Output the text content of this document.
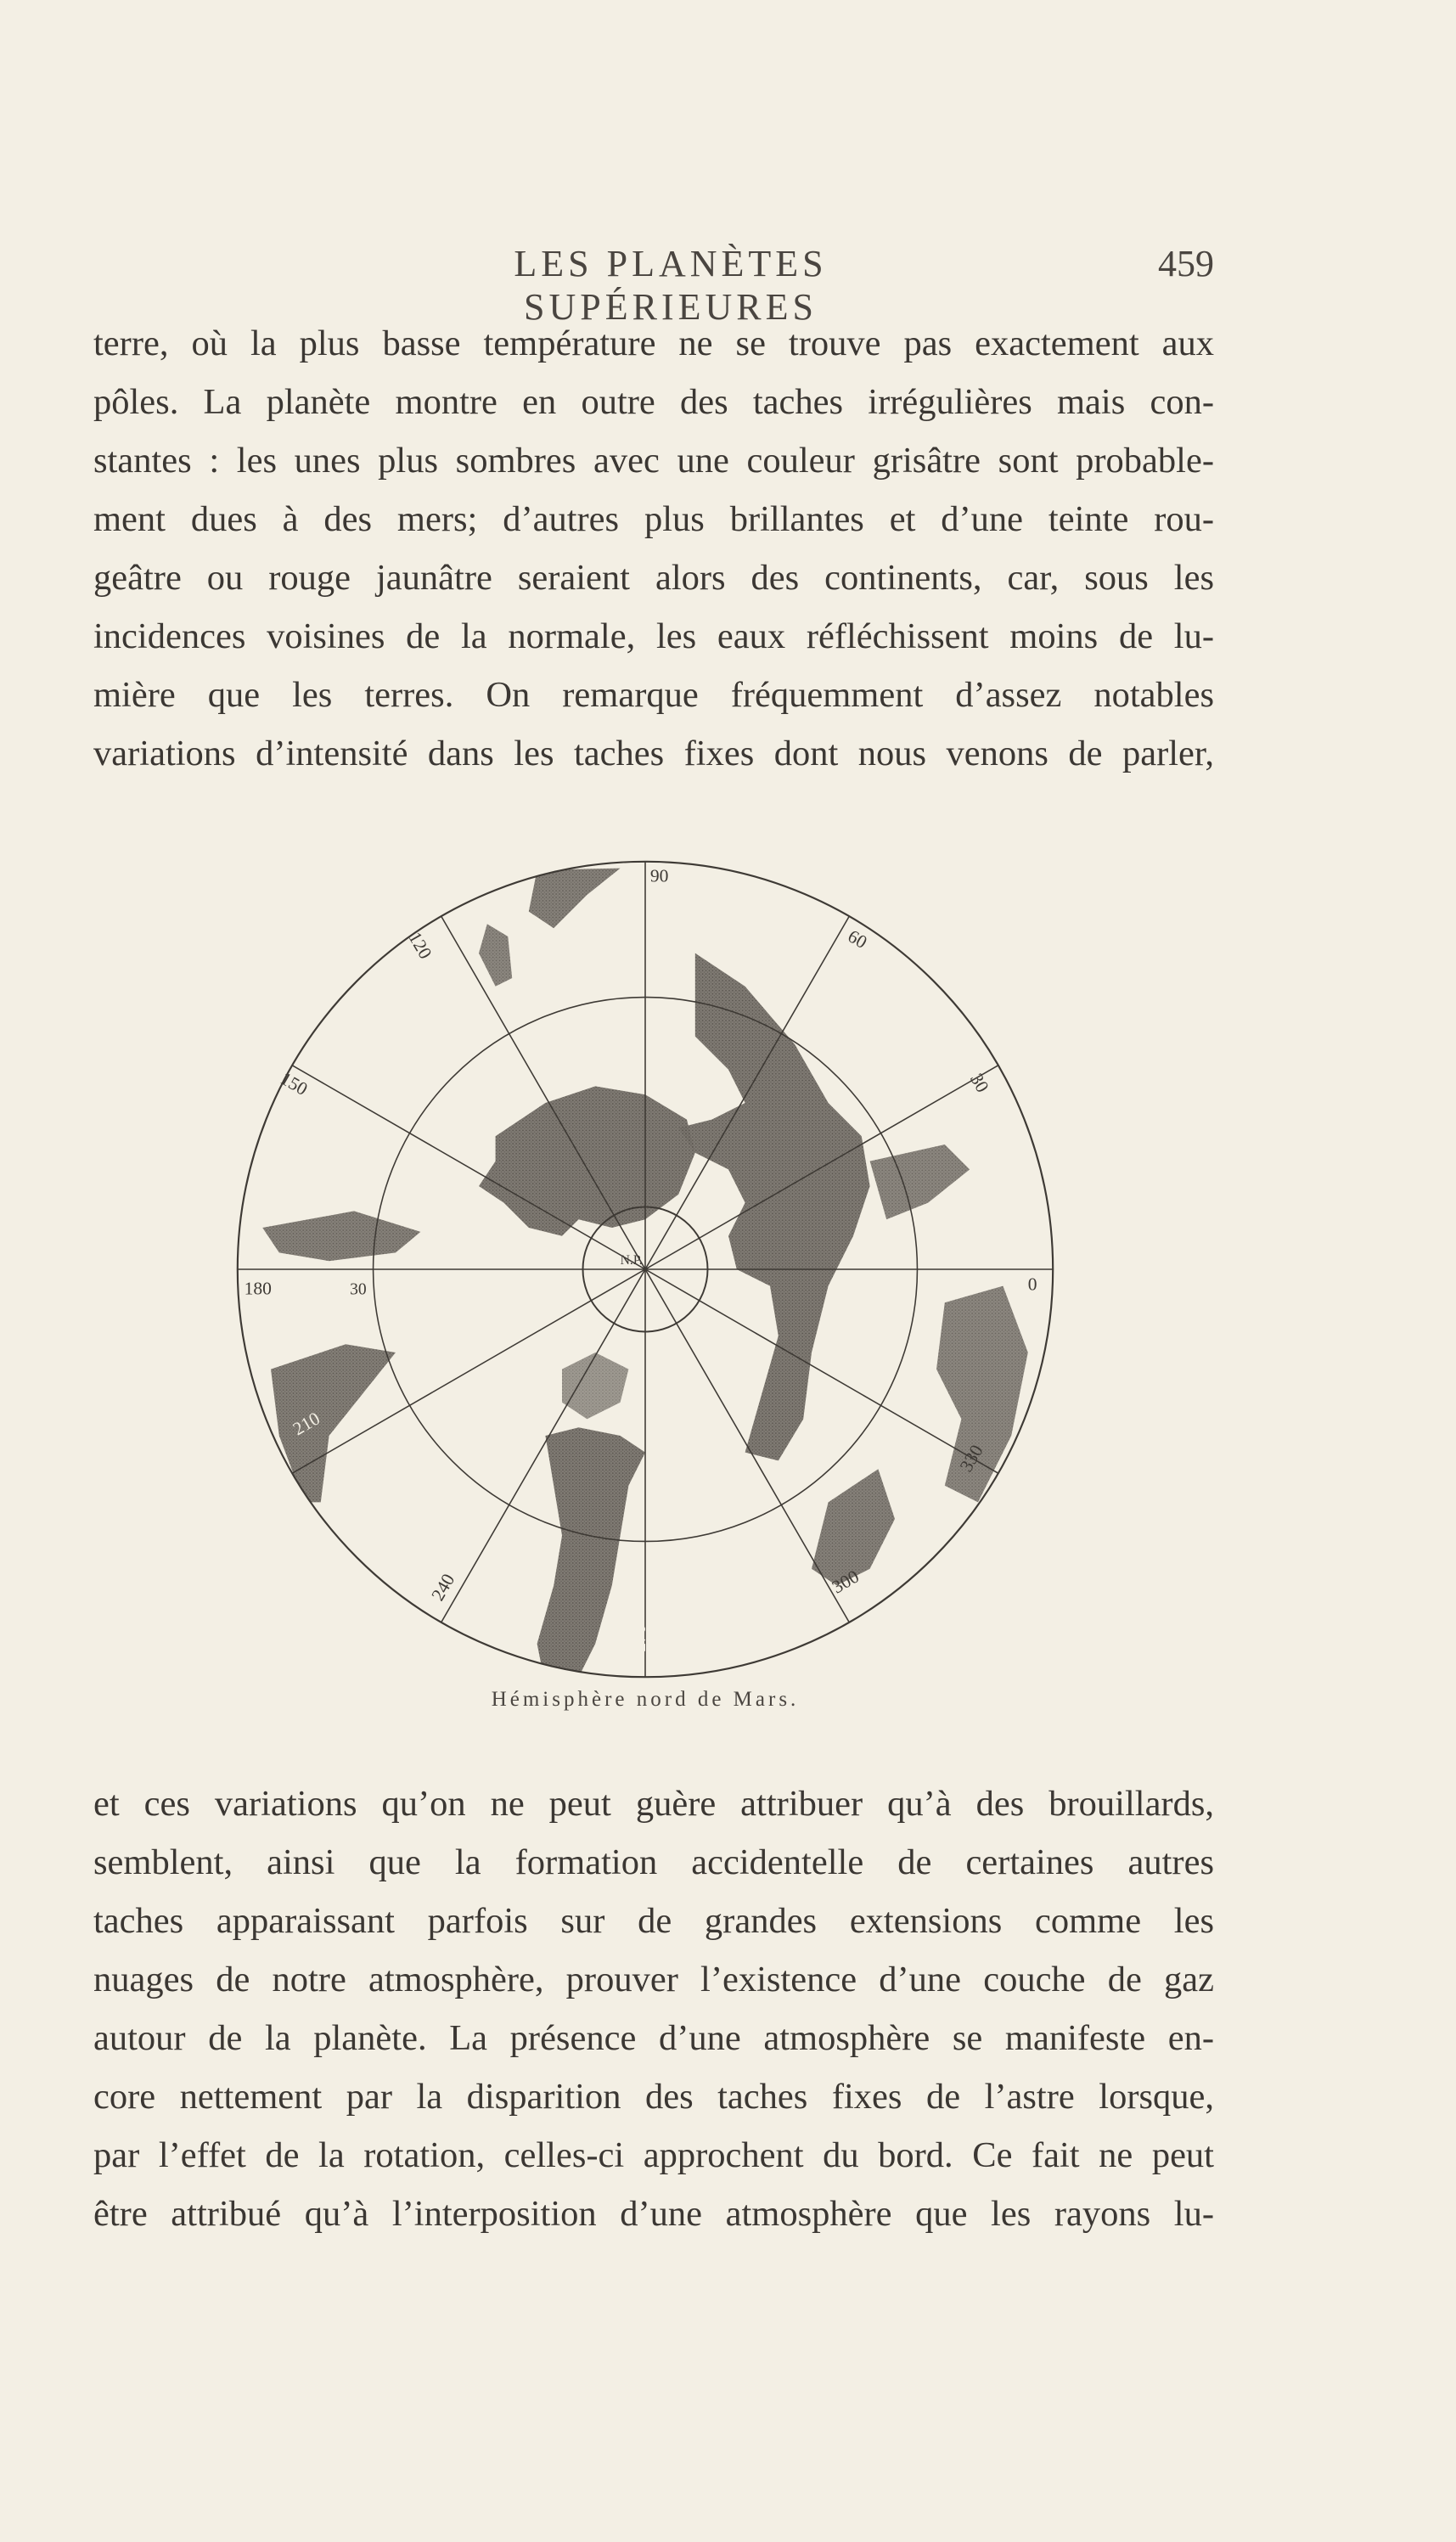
LES PLANÈTES SUPÉRIEURES
459
terre, où la plus basse température ne se trouve pas exactement aux
pôles. La planète montre en outre des taches irrégulières mais con-
stantes : les unes plus sombres avec une couleur grisâtre sont probable-
ment dues à des mers; d’autres plus brillantes et d’une teinte rou-
geâtre ou rouge jaunâtre seraient alors des continents, car, sous les
incidences voisines de la normale, les eaux réfléchissent moins de lu-
mière que les terres. On remarque fréquemment d’assez notables
variations d’intensité dans les taches fixes dont nous venons de parler,
90
60
30
0
330
300
270
240
210
180
150
120
60
30
N.P.
Hémisphère nord de Mars.
et ces variations qu’on ne peut guère attribuer qu’à des brouillards,
semblent, ainsi que la formation accidentelle de certaines autres
taches apparaissant parfois sur de grandes extensions comme les
nuages de notre atmosphère, prouver l’existence d’une couche de gaz
autour de la planète. La présence d’une atmosphère se manifeste en-
core nettement par la disparition des taches fixes de l’astre lorsque,
par l’effet de la rotation, celles-ci approchent du bord. Ce fait ne peut
être attribué qu’à l’interposition d’une atmosphère que les rayons lu-
